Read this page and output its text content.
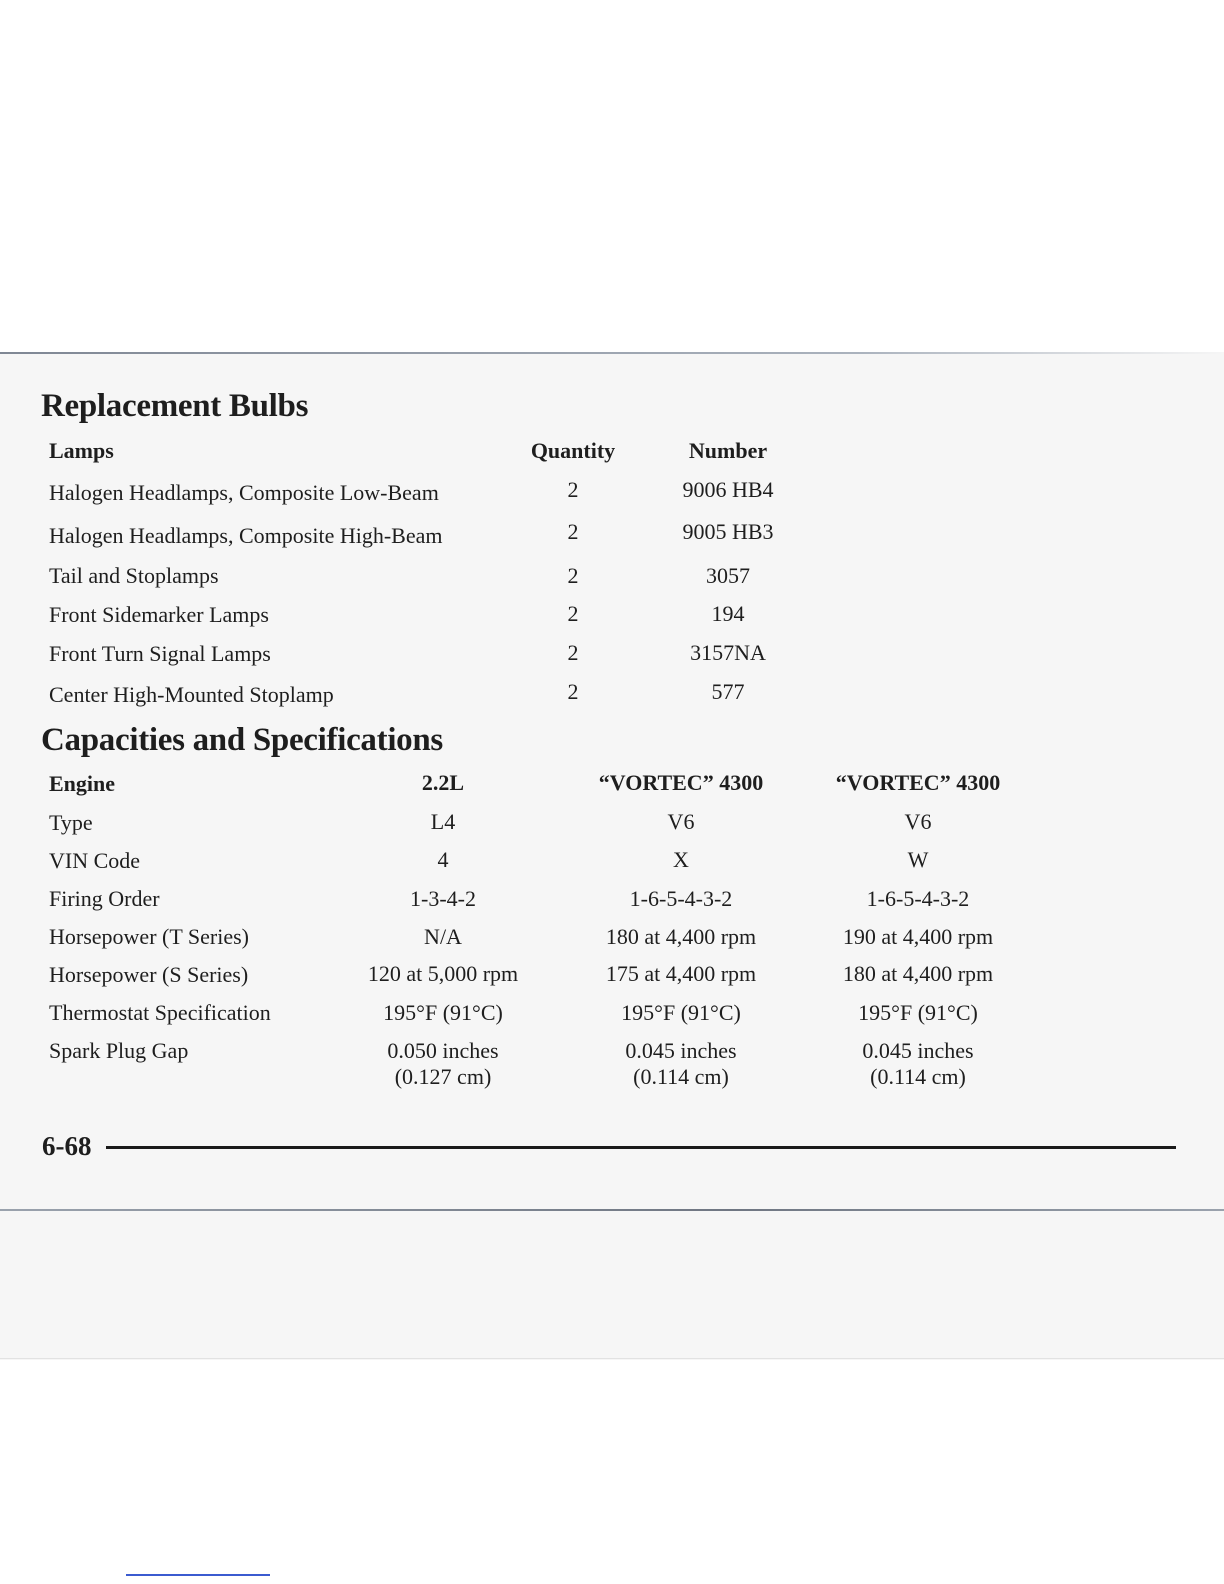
Replacement Bulbs
Lamps	Quantity	Number
Halogen Headlamps, Composite Low-Beam	2	9006 HB4
Halogen Headlamps, Composite High-Beam	2	9005 HB3
Tail and Stoplamps	2	3057
Front Sidemarker Lamps	2	194
Front Turn Signal Lamps	2	3157NA
Center High-Mounted Stoplamp	2	577
Capacities and Specifications
Engine	2.2L	“VORTEC” 4300	“VORTEC” 4300
Type	L4	V6	V6
VIN Code	4	X	W
Firing Order	1-3-4-2	1-6-5-4-3-2	1-6-5-4-3-2
Horsepower (T Series)	N/A	180 at 4,400 rpm	190 at 4,400 rpm
Horsepower (S Series)	120 at 5,000 rpm	175 at 4,400 rpm	180 at 4,400 rpm
Thermostat Specification	195°F (91°C)	195°F (91°C)	195°F (91°C)
Spark Plug Gap	0.050 inches	0.045 inches	0.045 inches
(0.127 cm)	(0.114 cm)	(0.114 cm)
6-68
